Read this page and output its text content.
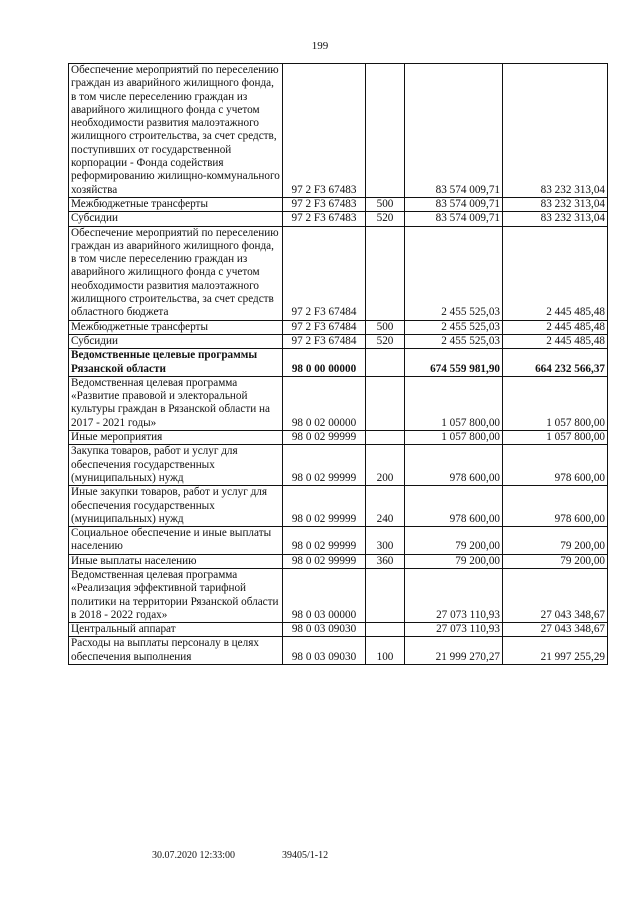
199
Обеспечение мероприятий по переселению граждан из аварийного жилищного фонда, в том числе переселению граждан из аварийного жилищного фонда с учетом необходимости развития малоэтажного жилищного строительства, за счет средств, поступивших от государственной корпорации - Фонда содействия реформированию жилищно-коммунального хозяйства	97 2 F3 67483		83 574 009,71	83 232 313,04
Межбюджетные трансферты	97 2 F3 67483	500	83 574 009,71	83 232 313,04
Субсидии	97 2 F3 67483	520	83 574 009,71	83 232 313,04
Обеспечение мероприятий по переселению граждан из аварийного жилищного фонда, в том числе переселению граждан из аварийного жилищного фонда с учетом необходимости развития малоэтажного жилищного строительства, за счет средств областного бюджета	97 2 F3 67484		2 455 525,03	2 445 485,48
Межбюджетные трансферты	97 2 F3 67484	500	2 455 525,03	2 445 485,48
Субсидии	97 2 F3 67484	520	2 455 525,03	2 445 485,48
Ведомственные целевые программы Рязанской области	98 0 00 00000		674 559 981,90	664 232 566,37
Ведомственная целевая программа «Развитие правовой и электоральной культуры граждан в Рязанской области на 2017 - 2021 годы»	98 0 02 00000		1 057 800,00	1 057 800,00
Иные мероприятия	98 0 02 99999		1 057 800,00	1 057 800,00
Закупка товаров, работ и услуг для обеспечения государственных (муниципальных) нужд	98 0 02 99999	200	978 600,00	978 600,00
Иные закупки товаров, работ и услуг для обеспечения государственных (муниципальных) нужд	98 0 02 99999	240	978 600,00	978 600,00
Социальное обеспечение и иные выплаты населению	98 0 02 99999	300	79 200,00	79 200,00
Иные выплаты населению	98 0 02 99999	360	79 200,00	79 200,00
Ведомственная целевая программа «Реализация эффективной тарифной политики на территории Рязанской области в 2018 - 2022 годах»	98 0 03 00000		27 073 110,93	27 043 348,67
Центральный аппарат	98 0 03 09030		27 073 110,93	27 043 348,67
Расходы на выплаты персоналу в целях обеспечения выполнения	98 0 03 09030	100	21 999 270,27	21 997 255,29
30.07.2020 12:33:00	39405/1-12
